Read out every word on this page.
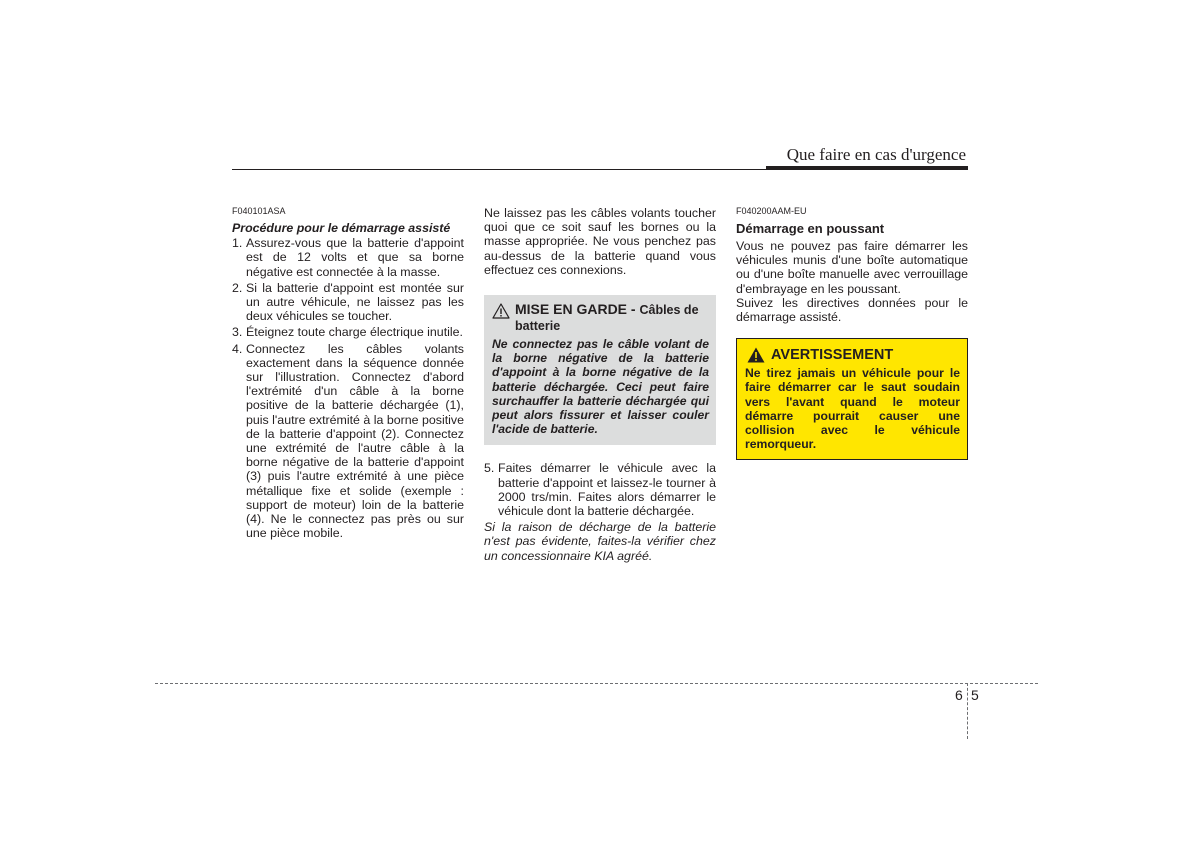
Que faire en cas d'urgence

F040101ASA

Procédure pour le démarrage assisté

1. Assurez-vous que la batterie d'appoint est de 12 volts et que sa borne négative est connectée à la masse.
2. Si la batterie d'appoint est montée sur un autre véhicule, ne laissez pas les deux véhicules se toucher.
3. Éteignez toute charge électrique inutile.
4. Connectez les câbles volants exactement dans la séquence donnée sur l'illustration. Connectez d'abord l'extrémité d'un câble à la borne positive de la batterie déchargée (1), puis l'autre extrémité à la borne positive de la batterie d'appoint (2). Connectez une extrémité de l'autre câble à la borne négative de la batterie d'appoint (3) puis l'autre extrémité à une pièce métallique fixe et solide (exemple : support de moteur) loin de la batterie (4). Ne le connectez pas près ou sur une pièce mobile.

Ne laissez pas les câbles volants toucher quoi que ce soit sauf les bornes ou la masse appropriée. Ne vous penchez pas au-dessus de la batterie quand vous effectuez ces connexions.

MISE EN GARDE - Câbles de batterie
Ne connectez pas le câble volant de la borne négative de la batterie d'appoint à la borne négative de la batterie déchargée. Ceci peut faire surchauffer la batterie déchargée qui peut alors fissurer et laisser couler l'acide de batterie.
5. Faites démarrer le véhicule avec la batterie d'appoint et laissez-le tourner à 2000 trs/min. Faites alors démarrer le véhicule dont la batterie déchargée.

Si la raison de décharge de la batterie n'est pas évidente, faites-la vérifier chez un concessionnaire KIA agréé.

F040200AAM-EU

Démarrage en poussant

Vous ne pouvez pas faire démarrer les véhicules munis d'une boîte automatique ou d'une boîte manuelle avec verrouillage d'embrayage en les poussant.

Suivez les directives données pour le démarrage assisté.

AVERTISSEMENT
Ne tirez jamais un véhicule pour le faire démarrer car le saut soudain vers l'avant quand le moteur démarre pourrait causer une collision avec le véhicule remorqueur.
6 5
